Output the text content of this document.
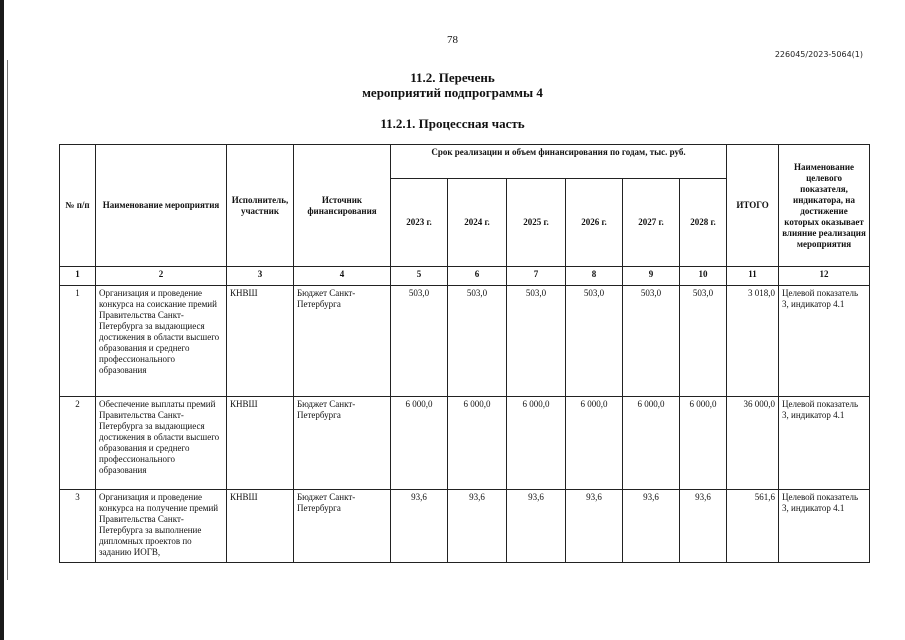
78
226045/2023-5064(1)
11.2. Перечень
мероприятий подпрограммы 4
11.2.1. Процессная часть
№ п/п	Наименование мероприятия	Исполнитель, участник	Источник финансирования	Срок реализации и объем финансирования по годам, тыс. руб.						ИТОГО	Наименование целевого показателя, индикатора, на достижение которых оказывает влияние реализация мероприятия
				2023 г.	2024 г.	2025 г.	2026 г.	2027 г.	2028 г.		
1	2	3	4	5	6	7	8	9	10	11	12
1	Организация и проведение конкурса на соискание премий Правительства Санкт-Петербурга за выдающиеся достижения в области высшего образования и среднего профессионального образования	КНВШ	Бюджет Санкт-Петербурга	503,0	503,0	503,0	503,0	503,0	503,0	3 018,0	Целевой показатель 3, индикатор 4.1
2	Обеспечение выплаты премий Правительства Санкт-Петербурга за выдающиеся достижения в области высшего образования и среднего профессионального образования	КНВШ	Бюджет Санкт-Петербурга	6 000,0	6 000,0	6 000,0	6 000,0	6 000,0	6 000,0	36 000,0	Целевой показатель 3, индикатор 4.1
3	Организация и проведение конкурса на получение премий Правительства Санкт-Петербурга за выполнение дипломных проектов по заданию ИОГВ,	КНВШ	Бюджет Санкт-Петербурга	93,6	93,6	93,6	93,6	93,6	93,6	561,6	Целевой показатель 3, индикатор 4.1
